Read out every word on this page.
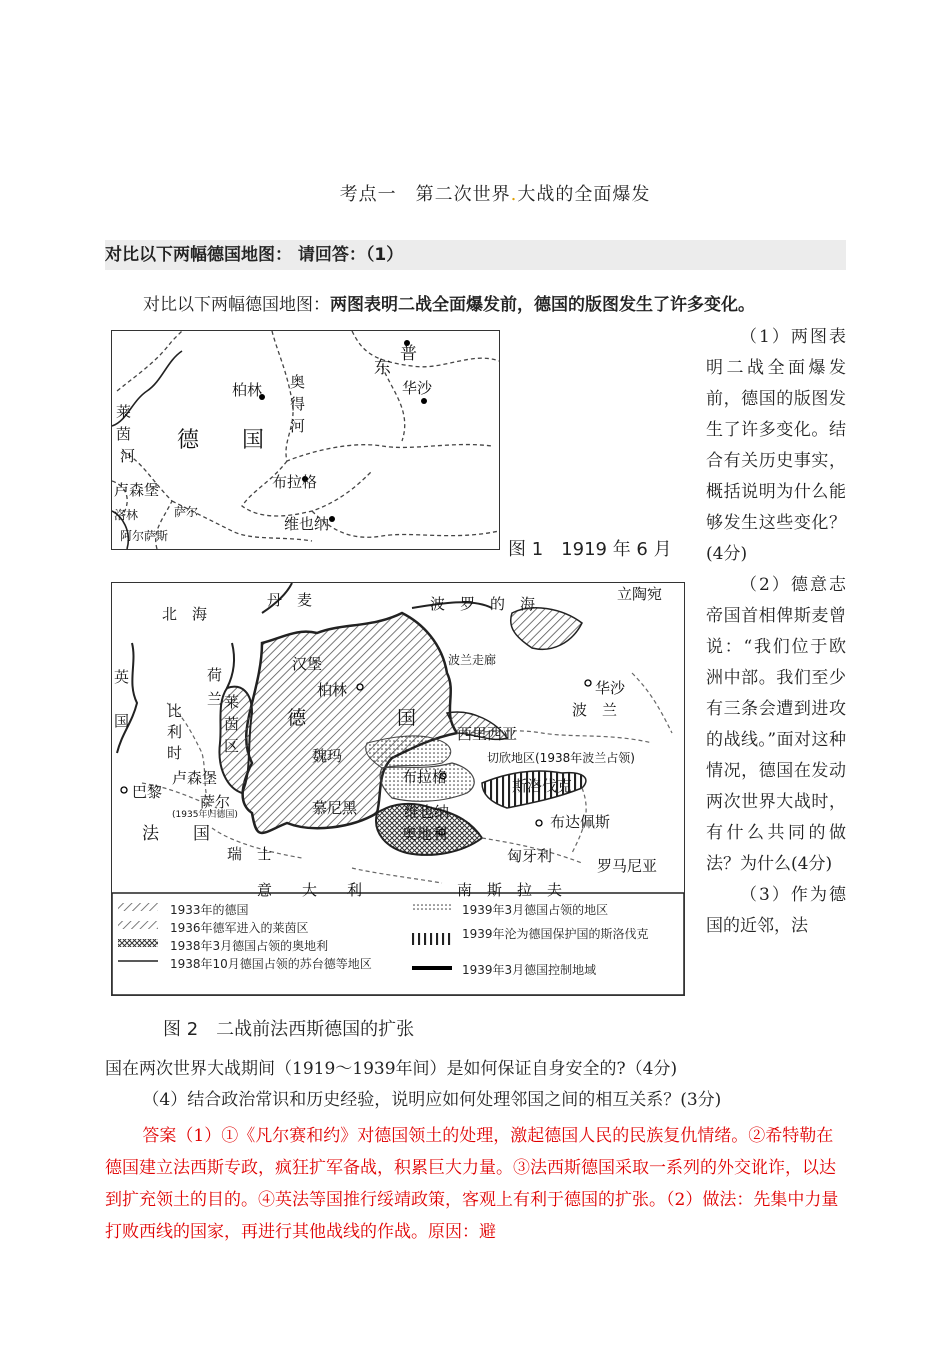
考点一　第二次世界.大战的全面爆发
对比以下两幅德国地图： 请回答：（1）
对比以下两幅德国地图：两图表明二战全面爆发前，德国的版图发生了许多变化。
柏林
德 国
东
普
华沙
奥
得
河
莱
茵
河
卢森堡
萨尔
洛林
阿尔萨斯
布拉格
维也纳
图 1　1919 年 6 月
北　海
丹　麦	波　罗　的　海
立陶宛
波兰走廊
汉堡
柏林
德	国
魏玛
慕尼黑
布拉格
维也纳
奥地利
华沙
波　兰
西里西亚
切欣地区(1938年波兰占领)
斯洛伐克
布达佩斯
匈牙利
罗马尼亚
南　斯　拉　夫
意　　大　　利
瑞　士
法　　国
巴黎
卢森堡
萨尔
(1935年归德国)
莱茵区
比利时
荷兰
英国
1933年的德国
1936年德军进入的莱茵区
1938年3月德国占领的奥地利
1938年10月德国占领的苏台德等地区
1939年3月德国占领的地区
1939年沦为德国保护国的斯洛伐克
1939年3月德国控制地域
图 2　二战前法西斯德国的扩张

（1）两图表明二战全面爆发前，德国的版图发生了许多变化。结合有关历史事实，概括说明为什么能够发生这些变化？(4分)

（2）德意志帝国首相俾斯麦曾说：“我们位于欧洲中部。我们至少有三条会遭到进攻的战线。”面对这种情况，德国在发动两次世界大战时，有什么共同的做法？为什么(4分)

（3）作为德国的近邻，法

国在两次世界大战期间（1919～1939年间）是如何保证自身安全的?（4分)
（4）结合政治常识和历史经验，说明应如何处理邻国之间的相互关系？(3分)
答案（1）①《凡尔赛和约》对德国领土的处理，激起德国人民的民族复仇情绪。②希特勒在德国建立法西斯专政，疯狂扩军备战，积累巨大力量。③法西斯德国采取一系列的外交讹诈，以达到扩充领土的目的。④英法等国推行绥靖政策，客观上有利于德国的扩张。（2）做法：先集中力量打败西线的国家，再进行其他战线的作战。原因：避
